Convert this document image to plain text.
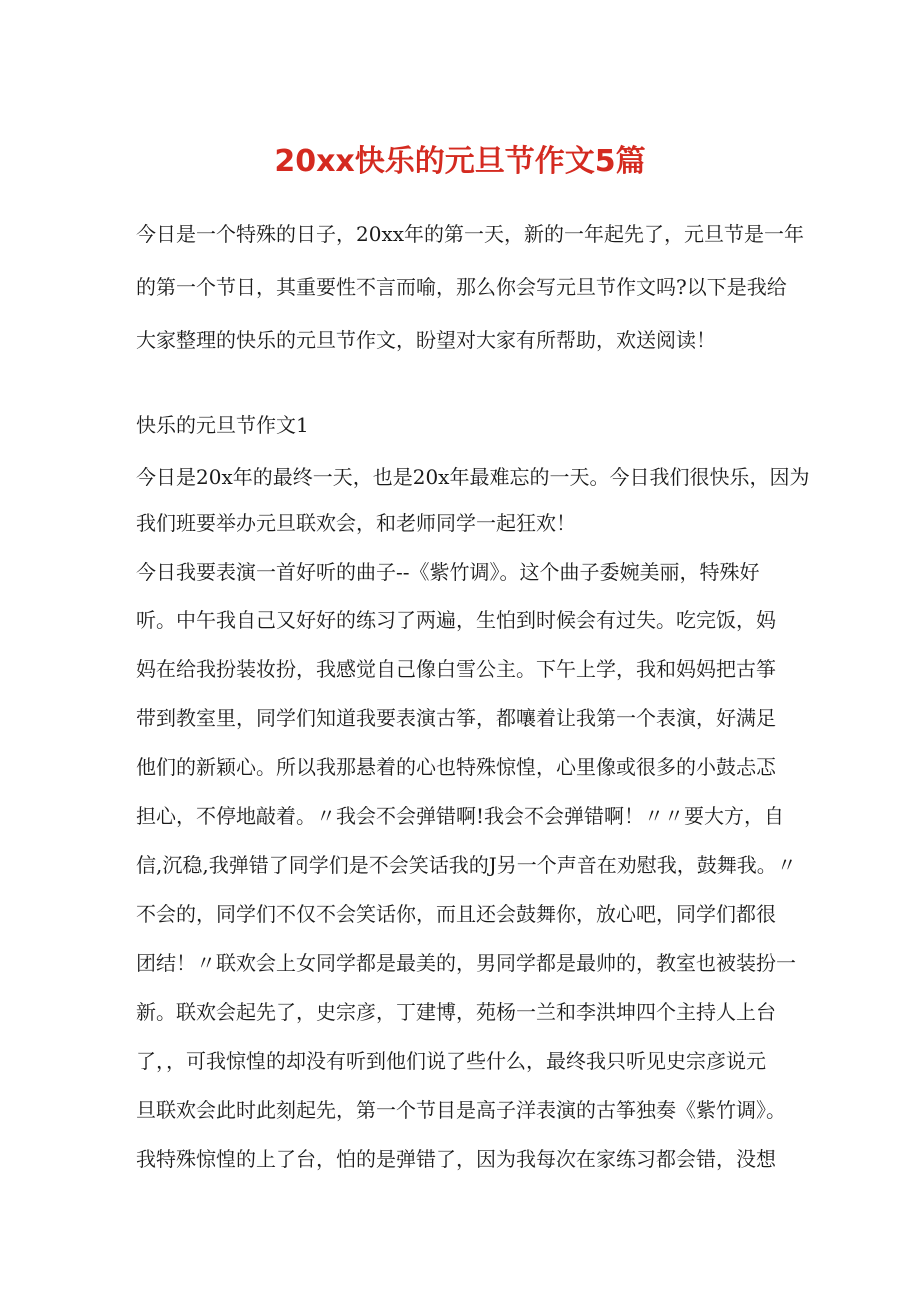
20xx快乐的元旦节作文5篇
今日是一个特殊的日子，20xx年的第一天，新的一年起先了，元旦节是一年
的第一个节日，其重要性不言而喻，那么你会写元旦节作文吗?以下是我给
大家整理的快乐的元旦节作文，盼望对大家有所帮助，欢送阅读！
快乐的元旦节作文1
今日是20x年的最终一天，也是20x年最难忘的一天。今日我们很快乐，因为
我们班要举办元旦联欢会，和老师同学一起狂欢！
今日我要表演一首好听的曲子--《紫竹调》。这个曲子委婉美丽，特殊好
听。中午我自己又好好的练习了两遍，生怕到时候会有过失。吃完饭，妈
妈在给我扮装妆扮，我感觉自己像白雪公主。下午上学，我和妈妈把古筝
带到教室里，同学们知道我要表演古筝，都嚷着让我第一个表演，好满足
他们的新颖心。所以我那悬着的心也特殊惊惶，心里像或很多的小鼓忐忑
担心，不停地敲着。〃我会不会弹错啊!我会不会弹错啊！〃〃要大方，自
信,沉稳,我弹错了同学们是不会笑话我的J另一个声音在劝慰我，鼓舞我。〃
不会的，同学们不仅不会笑话你，而且还会鼓舞你，放心吧，同学们都很
团结！〃联欢会上女同学都是最美的，男同学都是最帅的，教室也被装扮一
新。联欢会起先了，史宗彦，丁建博，苑杨一兰和李洪坤四个主持人上台
了，，可我惊惶的却没有听到他们说了些什么，最终我只听见史宗彦说元
旦联欢会此时此刻起先，第一个节目是高子洋表演的古筝独奏《紫竹调》。
我特殊惊惶的上了台，怕的是弹错了，因为我每次在家练习都会错，没想
